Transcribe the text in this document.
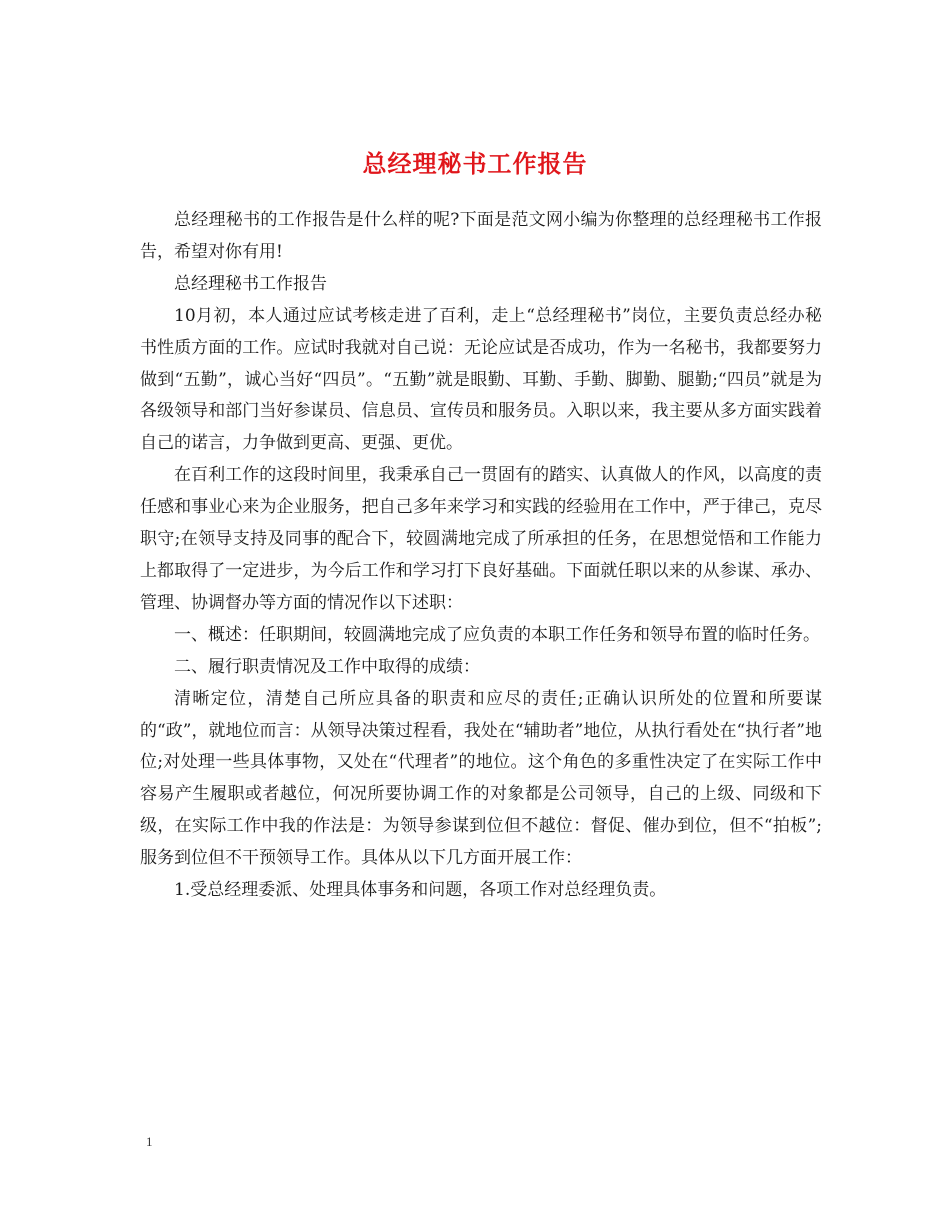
总经理秘书工作报告

总经理秘书的工作报告是什么样的呢?下面是范文网小编为你整理的总经理秘书工作报告，希望对你有用!

总经理秘书工作报告

10月初，本人通过应试考核走进了百利，走上“总经理秘书”岗位，主要负责总经办秘书性质方面的工作。应试时我就对自己说：无论应试是否成功，作为一名秘书，我都要努力做到“五勤”，诚心当好“四员”。“五勤”就是眼勤、耳勤、手勤、脚勤、腿勤;“四员”就是为各级领导和部门当好参谋员、信息员、宣传员和服务员。入职以来，我主要从多方面实践着自己的诺言，力争做到更高、更强、更优。

在百利工作的这段时间里，我秉承自己一贯固有的踏实、认真做人的作风，以高度的责任感和事业心来为企业服务，把自己多年来学习和实践的经验用在工作中，严于律己，克尽职守;在领导支持及同事的配合下，较圆满地完成了所承担的任务，在思想觉悟和工作能力上都取得了一定进步，为今后工作和学习打下良好基础。下面就任职以来的从参谋、承办、管理、协调督办等方面的情况作以下述职：

一、概述：任职期间，较圆满地完成了应负责的本职工作任务和领导布置的临时任务。

二、履行职责情况及工作中取得的成绩：

清晰定位，清楚自己所应具备的职责和应尽的责任;正确认识所处的位置和所要谋的“政”，就地位而言：从领导决策过程看，我处在“辅助者”地位，从执行看处在“执行者”地位;对处理一些具体事物，又处在“代理者”的地位。这个角色的多重性决定了在实际工作中容易产生履职或者越位，何况所要协调工作的对象都是公司领导，自己的上级、同级和下级，在实际工作中我的作法是：为领导参谋到位但不越位：督促、催办到位，但不“拍板”;服务到位但不干预领导工作。具体从以下几方面开展工作：

1.受总经理委派、处理具体事务和问题，各项工作对总经理负责。

1
